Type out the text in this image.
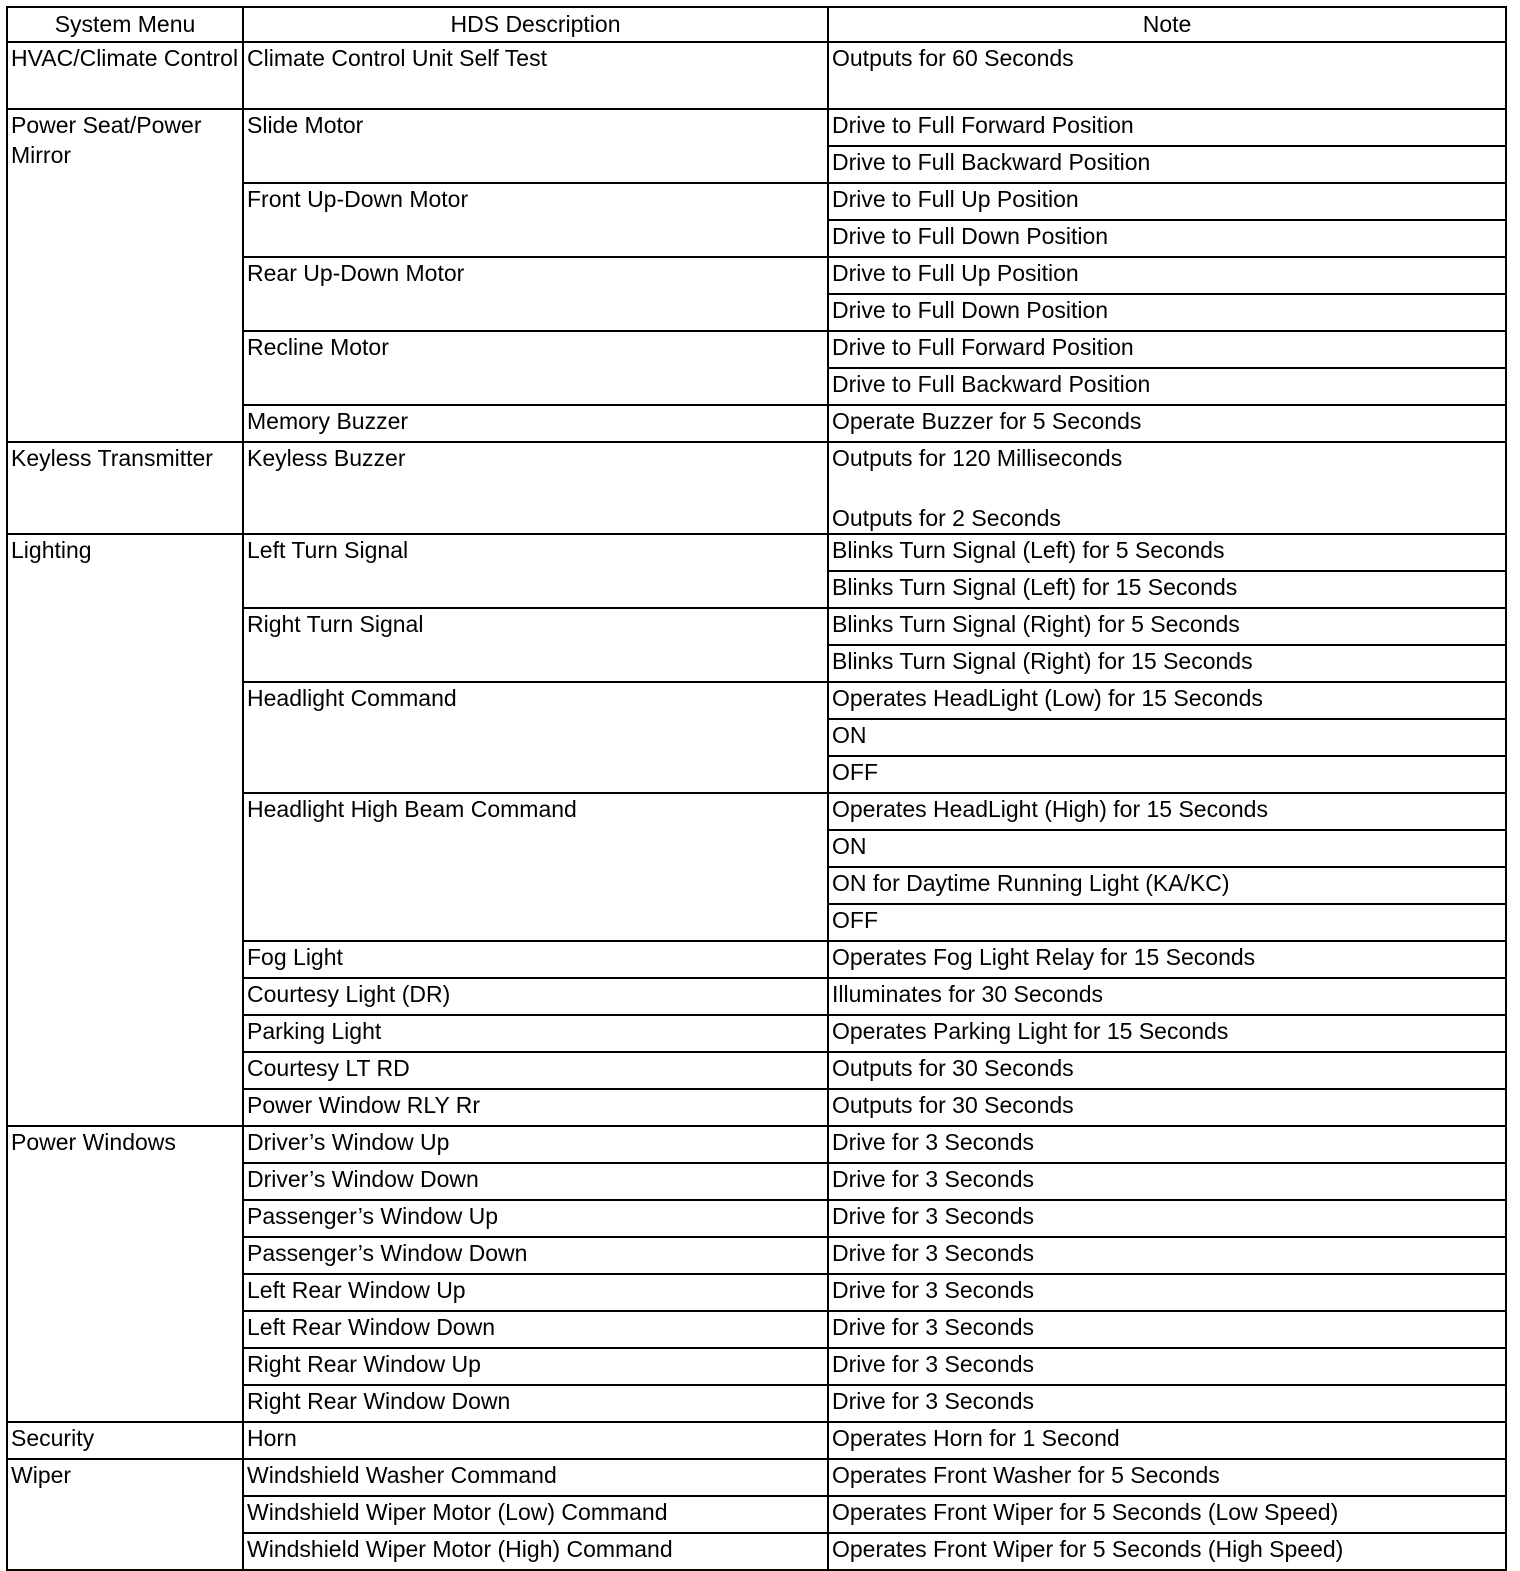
System Menu	HDS Description	Note
HVAC/Climate Control	Climate Control Unit Self Test	Outputs for 60 Seconds
Power Seat/Power Mirror	Slide Motor	Drive to Full Forward Position
		Drive to Full Backward Position
	Front Up-Down Motor	Drive to Full Up Position
		Drive to Full Down Position
	Rear Up-Down Motor	Drive to Full Up Position
		Drive to Full Down Position
	Recline Motor	Drive to Full Forward Position
		Drive to Full Backward Position
	Memory Buzzer	Operate Buzzer for 5 Seconds
Keyless Transmitter	Keyless Buzzer	Outputs for 120 Milliseconds

Outputs for 2 Seconds
Lighting	Left Turn Signal	Blinks Turn Signal (Left) for 5 Seconds
		Blinks Turn Signal (Left) for 15 Seconds
	Right Turn Signal	Blinks Turn Signal (Right) for 5 Seconds
		Blinks Turn Signal (Right) for 15 Seconds
	Headlight Command	Operates HeadLight (Low) for 15 Seconds
		ON
		OFF
	Headlight High Beam Command	Operates HeadLight (High) for 15 Seconds
		ON
		ON for Daytime Running Light (KA/KC)
		OFF
	Fog Light	Operates Fog Light Relay for 15 Seconds
	Courtesy Light (DR)	Illuminates for 30 Seconds
	Parking Light	Operates Parking Light for 15 Seconds
	Courtesy LT RD	Outputs for 30 Seconds
	Power Window RLY Rr	Outputs for 30 Seconds
Power Windows	Driver’s Window Up	Drive for 3 Seconds
	Driver’s Window Down	Drive for 3 Seconds
	Passenger’s Window Up	Drive for 3 Seconds
	Passenger’s Window Down	Drive for 3 Seconds
	Left Rear Window Up	Drive for 3 Seconds
	Left Rear Window Down	Drive for 3 Seconds
	Right Rear Window Up	Drive for 3 Seconds
	Right Rear Window Down	Drive for 3 Seconds
Security	Horn	Operates Horn for 1 Second
Wiper	Windshield Washer Command	Operates Front Washer for 5 Seconds
	Windshield Wiper Motor (Low) Command	Operates Front Wiper for 5 Seconds (Low Speed)
	Windshield Wiper Motor (High) Command	Operates Front Wiper for 5 Seconds (High Speed)
